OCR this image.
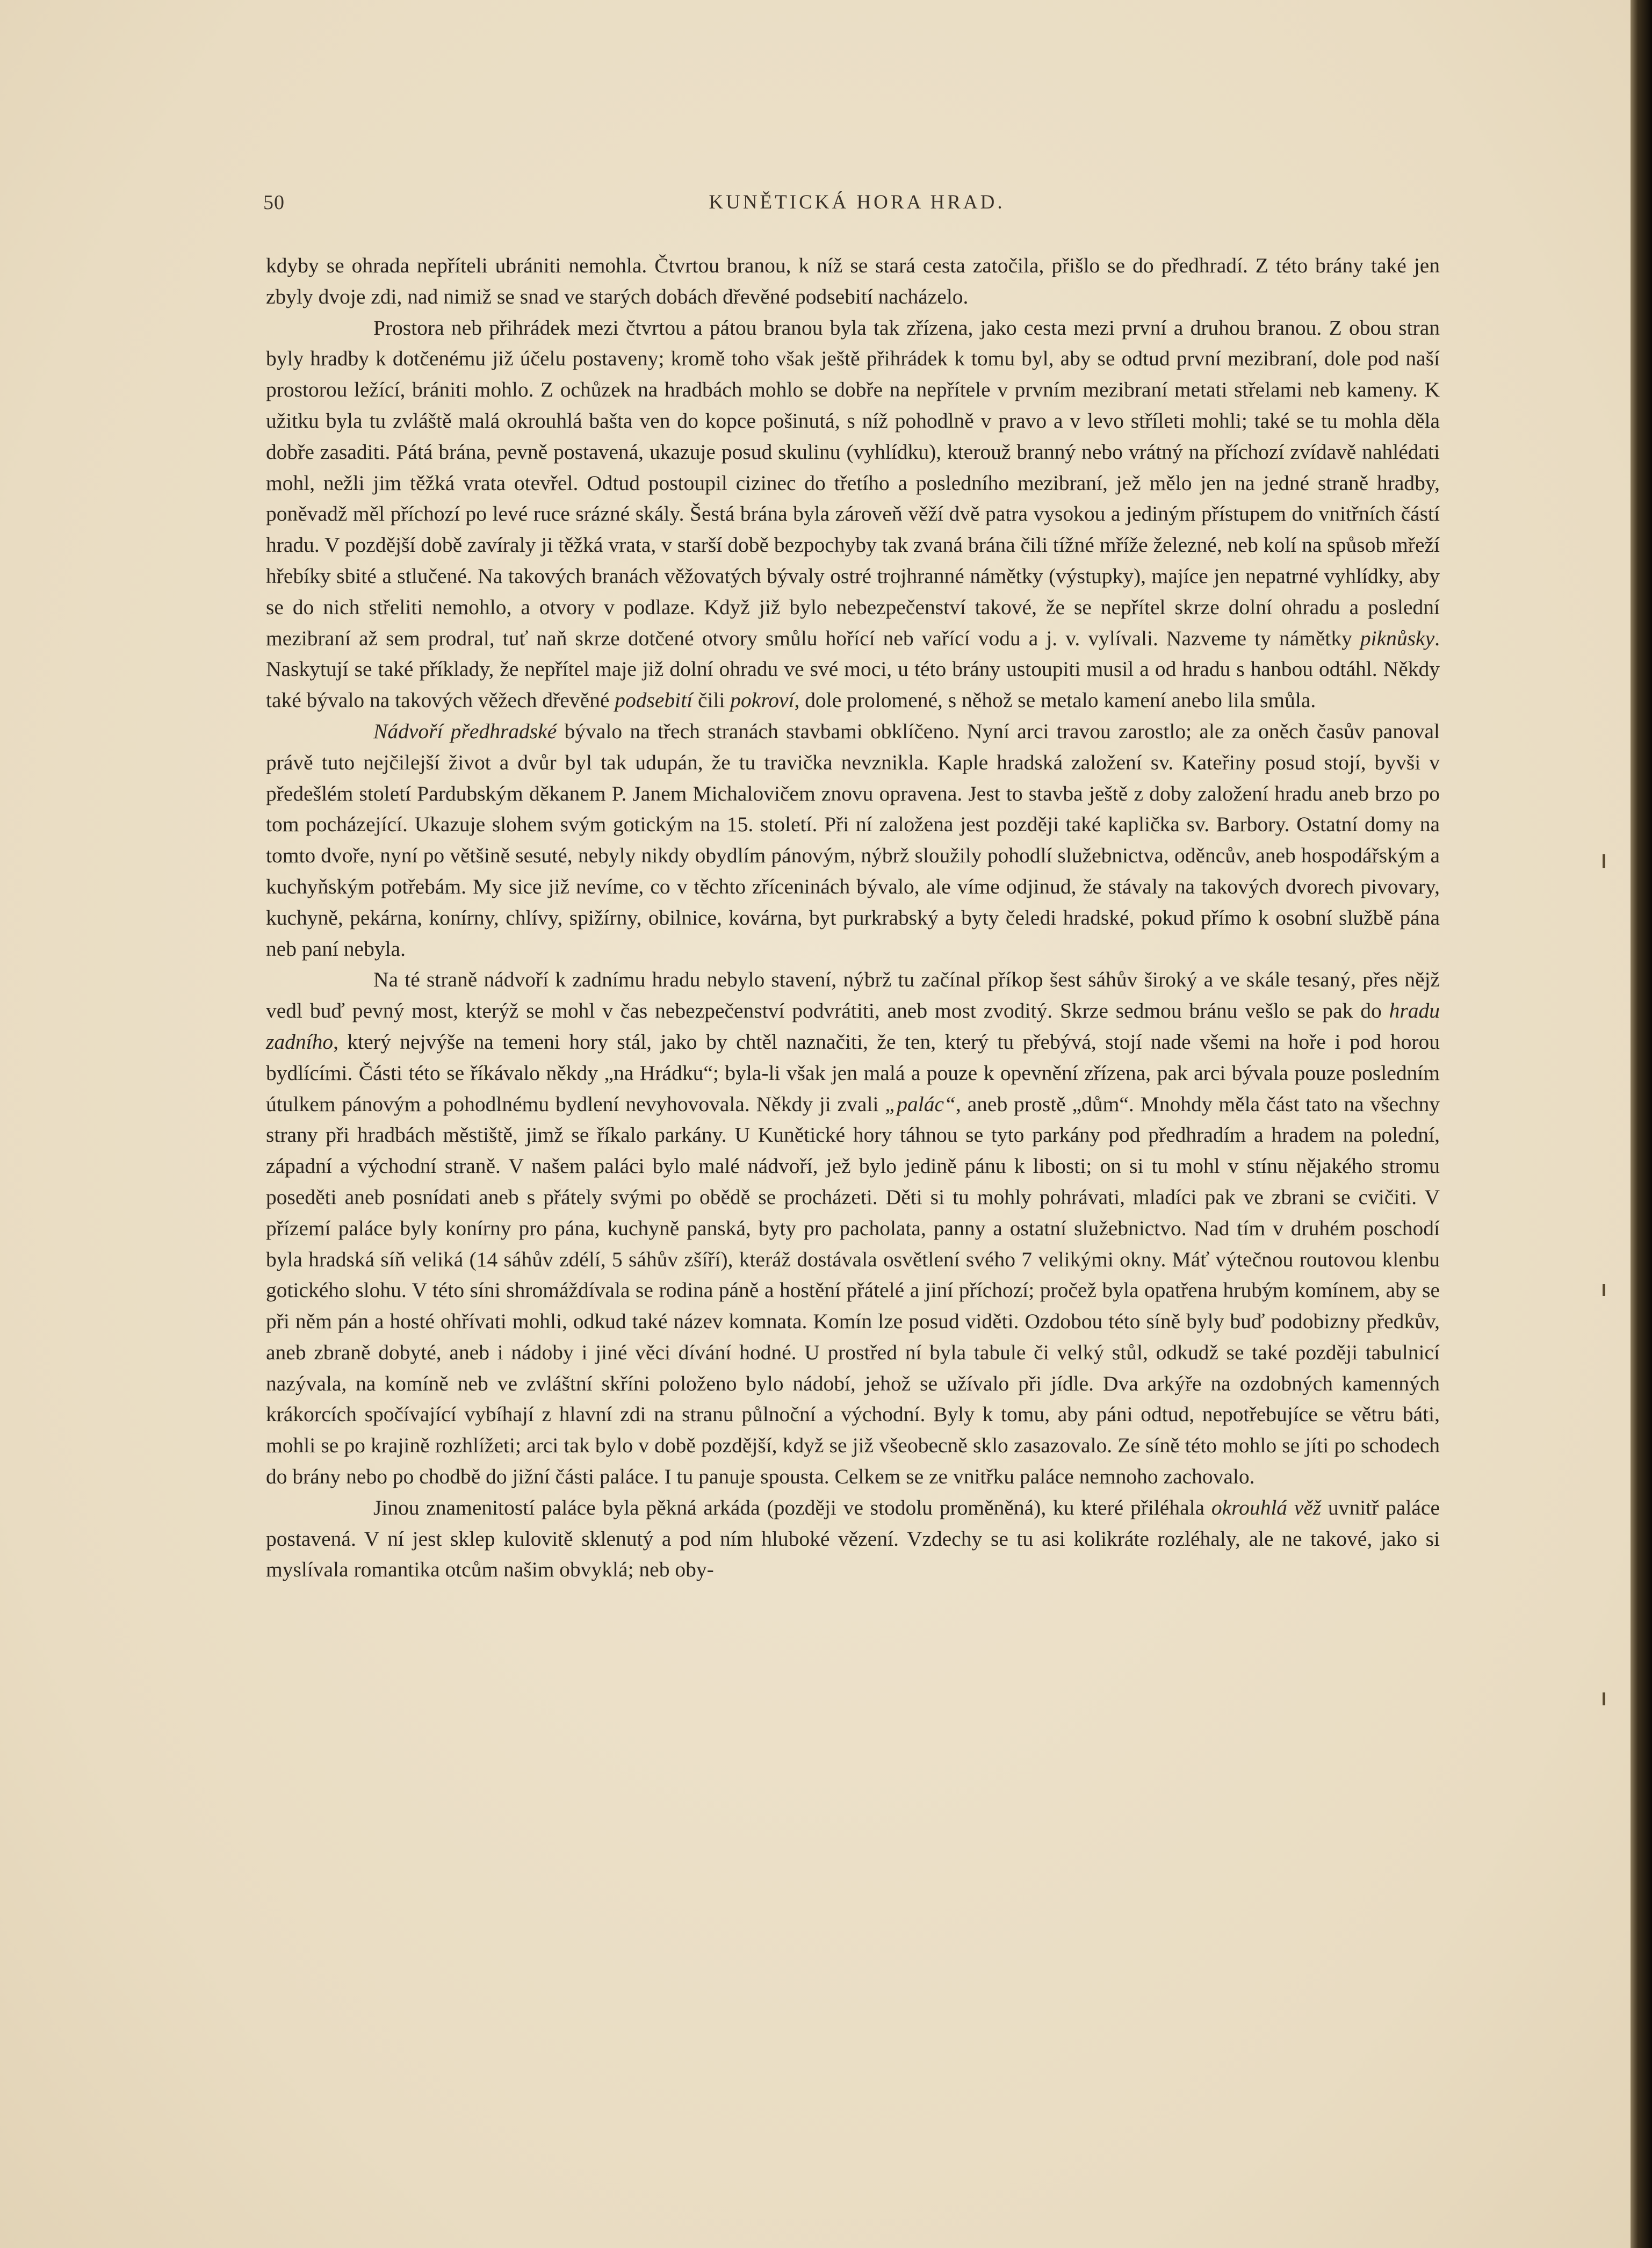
50	KUNĚTICKÁ HORA HRAD.

kdyby se ohrada nepříteli ubrániti nemohla. Čtvrtou branou, k níž se stará cesta zatočila, přišlo se do předhradí. Z této brány také jen zbyly dvoje zdi, nad nimiž se snad ve starých dobách dřevěné podsebití nacházelo.

Prostora neb přihrádek mezi čtvrtou a pátou branou byla tak zřízena, jako cesta mezi první a druhou branou. Z obou stran byly hradby k dotčenému již účelu postaveny; kromě toho však ještě přihrádek k tomu byl, aby se odtud první mezibraní, dole pod naší prostorou ležící, brániti mohlo. Z ochůzek na hradbách mohlo se dobře na nepřítele v prvním mezibraní metati střelami neb kameny. K užitku byla tu zvláště malá okrouhlá bašta ven do kopce pošinutá, s níž pohodlně v pravo a v levo stříleti mohli; také se tu mohla děla dobře zasaditi. Pátá brána, pevně postavená, ukazuje posud skulinu (vyhlídku), kterouž branný nebo vrátný na příchozí zvídavě nahlédati mohl, nežli jim těžká vrata otevřel. Odtud postoupil cizinec do třetího a posledního mezibraní, jež mělo jen na jedné straně hradby, poněvadž měl příchozí po levé ruce srázné skály. Šestá brána byla zároveň věží dvě patra vysokou a jediným přístupem do vnitřních částí hradu. V pozdější době zavíraly ji těžká vrata, v starší době bezpochyby tak zvaná brána čili tížné mříže železné, neb kolí na spůsob mřeží hřebíky sbité a stlučené. Na takových branách věžovatých bývaly ostré trojhranné námětky (výstupky), majíce jen nepatrné vyhlídky, aby se do nich střeliti nemohlo, a otvory v podlaze. Když již bylo nebezpečenství takové, že se nepřítel skrze dolní ohradu a poslední mezibraní až sem prodral, tuť naň skrze dotčené otvory smůlu hořící neb vařící vodu a j. v. vylívali. Nazveme ty námětky piknůsky. Naskytují se také příklady, že nepřítel maje již dolní ohradu ve své moci, u této brány ustoupiti musil a od hradu s hanbou odtáhl. Někdy také bývalo na takových věžech dřevěné podsebití čili pokroví, dole prolomené, s něhož se metalo kamení anebo lila smůla.

Nádvoří předhradské bývalo na třech stranách stavbami obklíčeno. Nyní arci travou zarostlo; ale za oněch časův panoval právě tuto nejčilejší život a dvůr byl tak udupán, že tu travička nevznikla. Kaple hradská založení sv. Kateřiny posud stojí, byvši v předešlém století Pardubským děkanem P. Janem Michalovičem znovu opravena. Jest to stavba ještě z doby založení hradu aneb brzo po tom pocházející. Ukazuje slohem svým gotickým na 15. století. Při ní založena jest později také kaplička sv. Barbory. Ostatní domy na tomto dvoře, nyní po většině sesuté, nebyly nikdy obydlím pánovým, nýbrž sloužily pohodlí služebnictva, oděncův, aneb hospodářským a kuchyňským potřebám. My sice již nevíme, co v těchto zříceninách bývalo, ale víme odjinud, že stávaly na takových dvorech pivovary, kuchyně, pekárna, konírny, chlívy, spižírny, obilnice, kovárna, byt purkrabský a byty čeledi hradské, pokud přímo k osobní službě pána neb paní nebyla.

Na té straně nádvoří k zadnímu hradu nebylo stavení, nýbrž tu začínal příkop šest sáhův široký a ve skále tesaný, přes nějž vedl buď pevný most, kterýž se mohl v čas nebezpečenství podvrátiti, aneb most zvoditý. Skrze sedmou bránu vešlo se pak do hradu zadního, který nejvýše na temeni hory stál, jako by chtěl naznačiti, že ten, který tu přebývá, stojí nade všemi na hoře i pod horou bydlícími. Části této se říkávalo někdy „na Hrádku“; byla-li však jen malá a pouze k opevnění zřízena, pak arci bývala pouze posledním útulkem pánovým a pohodlnému bydlení nevyhovovala. Někdy ji zvali „palác“, aneb prostě „dům“. Mnohdy měla část tato na všechny strany při hradbách městiště, jimž se říkalo parkány. U Kunětické hory táhnou se tyto parkány pod předhradím a hradem na polední, západní a východní straně. V našem paláci bylo malé nádvoří, jež bylo jedině pánu k libosti; on si tu mohl v stínu nějakého stromu poseděti aneb posnídati aneb s přátely svými po obědě se procházeti. Děti si tu mohly pohrávati, mladíci pak ve zbrani se cvičiti. V přízemí paláce byly konírny pro pána, kuchyně panská, byty pro pacholata, panny a ostatní služebnictvo. Nad tím v druhém poschodí byla hradská síň veliká (14 sáhův zdélí, 5 sáhův zšíří), kteráž dostávala osvětlení svého 7 velikými okny. Máť výtečnou routovou klenbu gotického slohu. V této síni shromáždívala se rodina páně a hostění přátelé a jiní příchozí; pročež byla opatřena hrubým komínem, aby se při něm pán a hosté ohřívati mohli, odkud také název komnata. Komín lze posud viděti. Ozdobou této síně byly buď podobizny předkův, aneb zbraně dobyté, aneb i nádoby i jiné věci dívání hodné. U prostřed ní byla tabule či velký stůl, odkudž se také později tabulnicí nazývala, na komíně neb ve zvláštní skříni položeno bylo nádobí, jehož se užívalo při jídle. Dva arkýře na ozdobných kamenných krákorcích spočívající vybíhají z hlavní zdi na stranu půlnoční a východní. Byly k tomu, aby páni odtud, nepotřebujíce se větru báti, mohli se po krajině rozhlížeti; arci tak bylo v době pozdější, když se již všeobecně sklo zasazovalo. Ze síně této mohlo se jíti po schodech do brány nebo po chodbě do jižní části paláce. I tu panuje spousta. Celkem se ze vnitřku paláce nemnoho zachovalo.

Jinou znamenitostí paláce byla pěkná arkáda (později ve stodolu proměněná), ku které přiléhala okrouhlá věž uvnitř paláce postavená. V ní jest sklep kulovitě sklenutý a pod ním hluboké vězení. Vzdechy se tu asi kolikráte rozléhaly, ale ne takové, jako si myslívala romantika otcům našim obvyklá; neb oby-
